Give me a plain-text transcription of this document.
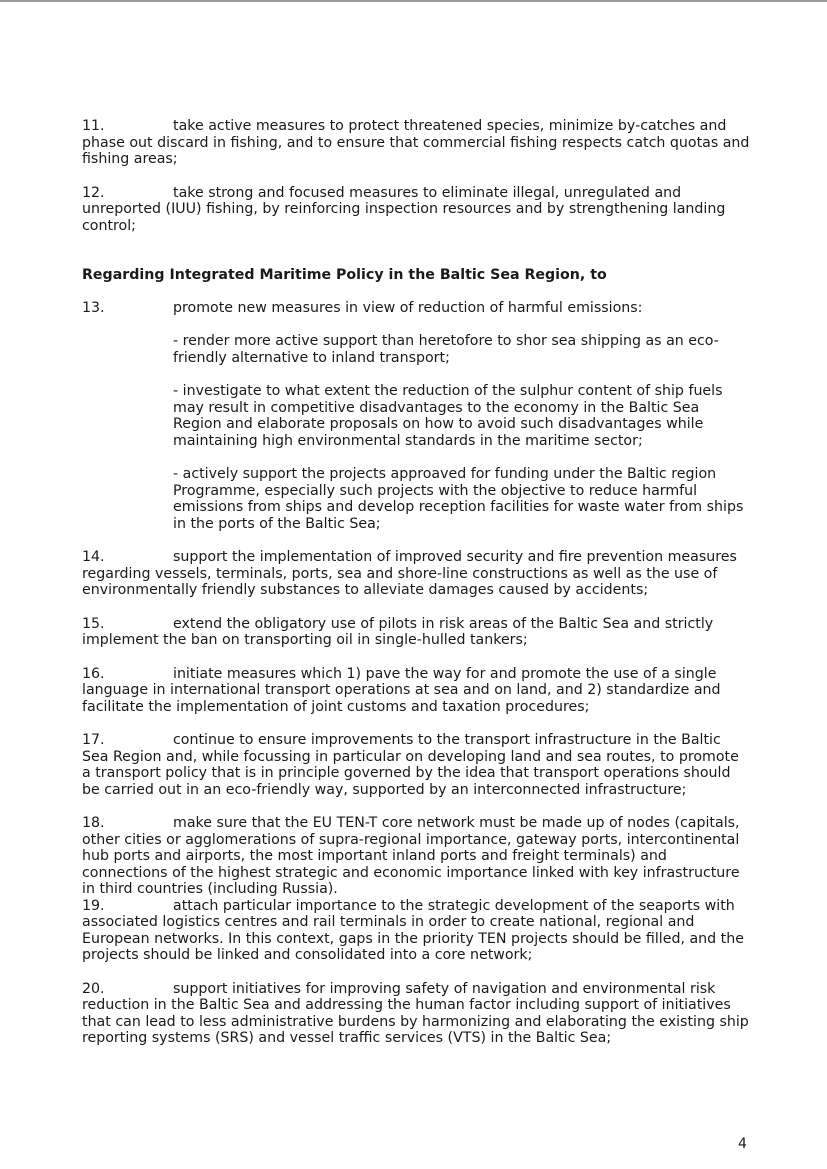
11.	take active measures to protect threatened species, minimize by-catches and phase out discard in fishing, and to ensure that commercial fishing respects catch quotas and fishing areas;

12.	take strong and focused measures to eliminate illegal, unregulated and unreported (IUU) fishing, by reinforcing inspection resources and by strengthening landing control;

Regarding Integrated Maritime Policy in the Baltic Sea Region, to

13.	promote new measures in view of reduction of harmful emissions:

- render more active support than heretofore to shor sea shipping as an eco-friendly alternative to inland transport;

- investigate to what extent the reduction of the sulphur content of ship fuels may result in competitive disadvantages to the economy in the Baltic Sea Region and elaborate proposals on how to avoid such disadvantages while maintaining high environmental standards in the maritime sector;

- actively support the projects approaved for funding under the Baltic region Programme, especially such projects with the objective to reduce harmful emissions from ships and develop reception facilities for waste water from ships in the ports of the Baltic Sea;

14.	support the implementation of improved security and fire prevention measures regarding vessels, terminals, ports, sea and shore-line constructions as well as the use of environmentally friendly substances to alleviate damages caused by accidents;

15.	extend the obligatory use of pilots in risk areas of the Baltic Sea and strictly implement the ban on transporting oil in single-hulled tankers;

16.	initiate measures which 1) pave the way for and promote the use of a single language in international transport operations at sea and on land, and 2) standardize and facilitate the implementation of joint customs and taxation procedures;

17.	continue to ensure improvements to the transport infrastructure in the Baltic Sea Region and, while focussing in particular on developing land and sea routes, to promote a transport policy that is in principle governed by the idea that transport operations should be carried out in an eco-friendly way, supported by an interconnected infrastructure;

18.	make sure that the EU TEN-T core network must be made up of nodes (capitals, other cities or agglomerations of supra-regional importance, gateway ports, intercontinental hub ports and airports, the most important inland ports and freight terminals) and connections of the highest strategic and economic importance linked with key infrastructure in third countries (including Russia).

19.	attach particular importance to the strategic development of the seaports with associated logistics centres and rail terminals in order to create national, regional and European networks. In this context, gaps in the priority TEN projects should be filled, and the projects should be linked and consolidated into a core network;

20.	support initiatives for improving safety of navigation and environmental risk reduction in the Baltic Sea and addressing the human factor including support of initiatives that can lead to less administrative burdens by harmonizing and elaborating the existing ship reporting systems (SRS) and vessel traffic services (VTS) in the Baltic Sea;

4
